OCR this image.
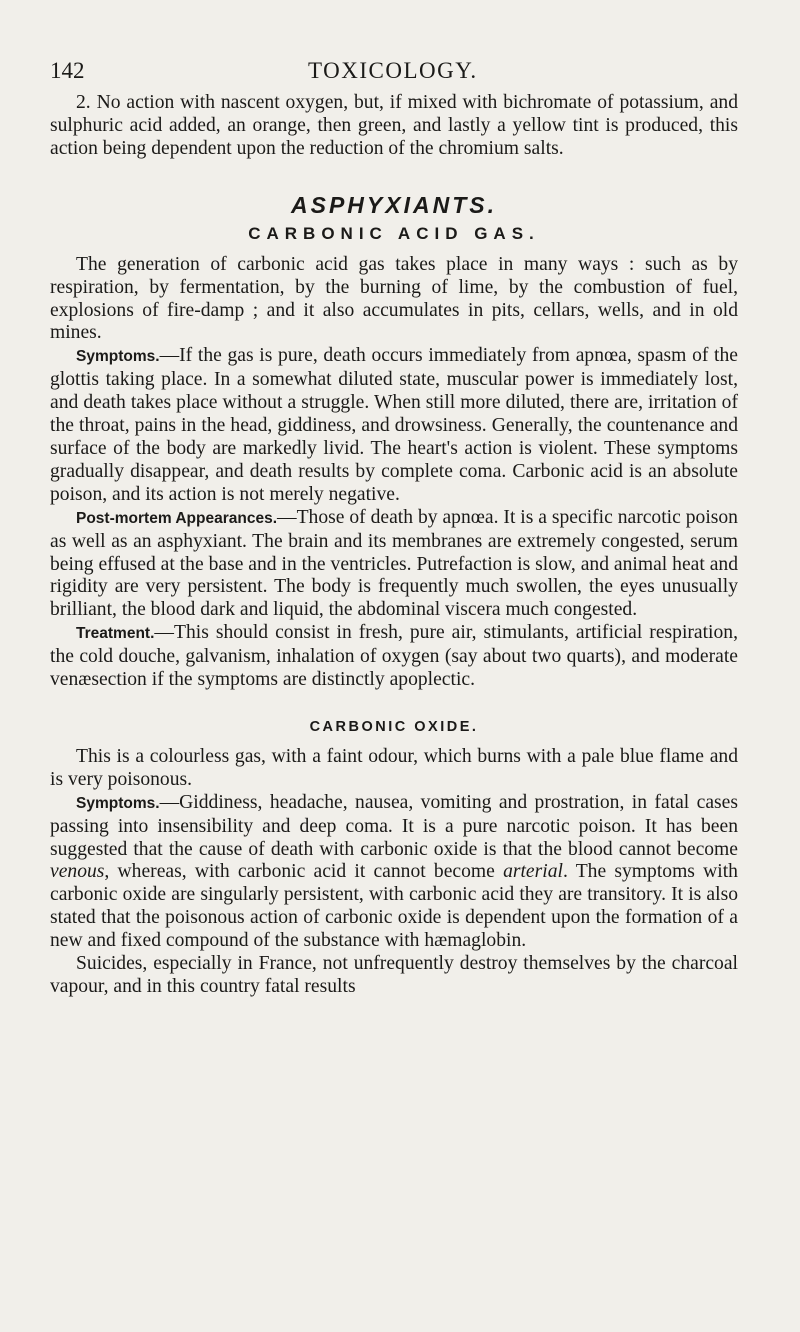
142	TOXICOLOGY.

2. No action with nascent oxygen, but, if mixed with bichromate of potassium, and sulphuric acid added, an orange, then green, and lastly a yellow tint is produced, this action being dependent upon the reduction of the chromium salts.

ASPHYXIANTS.
CARBONIC ACID GAS.

The generation of carbonic acid gas takes place in many ways : such as by respiration, by fermentation, by the burning of lime, by the combustion of fuel, explosions of fire-damp ; and it also accumulates in pits, cellars, wells, and in old mines.

Symptoms.—If the gas is pure, death occurs immediately from apnœa, spasm of the glottis taking place. In a somewhat diluted state, muscular power is immediately lost, and death takes place without a struggle. When still more diluted, there are, irritation of the throat, pains in the head, giddiness, and drowsiness. Generally, the countenance and surface of the body are markedly livid. The heart's action is violent. These symptoms gradually disappear, and death results by complete coma. Carbonic acid is an absolute poison, and its action is not merely negative.

Post-mortem Appearances.—Those of death by apnœa. It is a specific narcotic poison as well as an asphyxiant. The brain and its membranes are extremely congested, serum being effused at the base and in the ventricles. Putrefaction is slow, and animal heat and rigidity are very persistent. The body is frequently much swollen, the eyes unusually brilliant, the blood dark and liquid, the abdominal viscera much congested.

Treatment.—This should consist in fresh, pure air, stimulants, artificial respiration, the cold douche, galvanism, inhalation of oxygen (say about two quarts), and moderate venæsection if the symptoms are distinctly apoplectic.

CARBONIC OXIDE.

This is a colourless gas, with a faint odour, which burns with a pale blue flame and is very poisonous.

Symptoms.—Giddiness, headache, nausea, vomiting and prostration, in fatal cases passing into insensibility and deep coma. It is a pure narcotic poison. It has been suggested that the cause of death with carbonic oxide is that the blood cannot become venous, whereas, with carbonic acid it cannot become arterial. The symptoms with carbonic oxide are singularly persistent, with carbonic acid they are transitory. It is also stated that the poisonous action of carbonic oxide is dependent upon the formation of a new and fixed compound of the substance with hæmaglobin.

Suicides, especially in France, not unfrequently destroy themselves by the charcoal vapour, and in this country fatal results
